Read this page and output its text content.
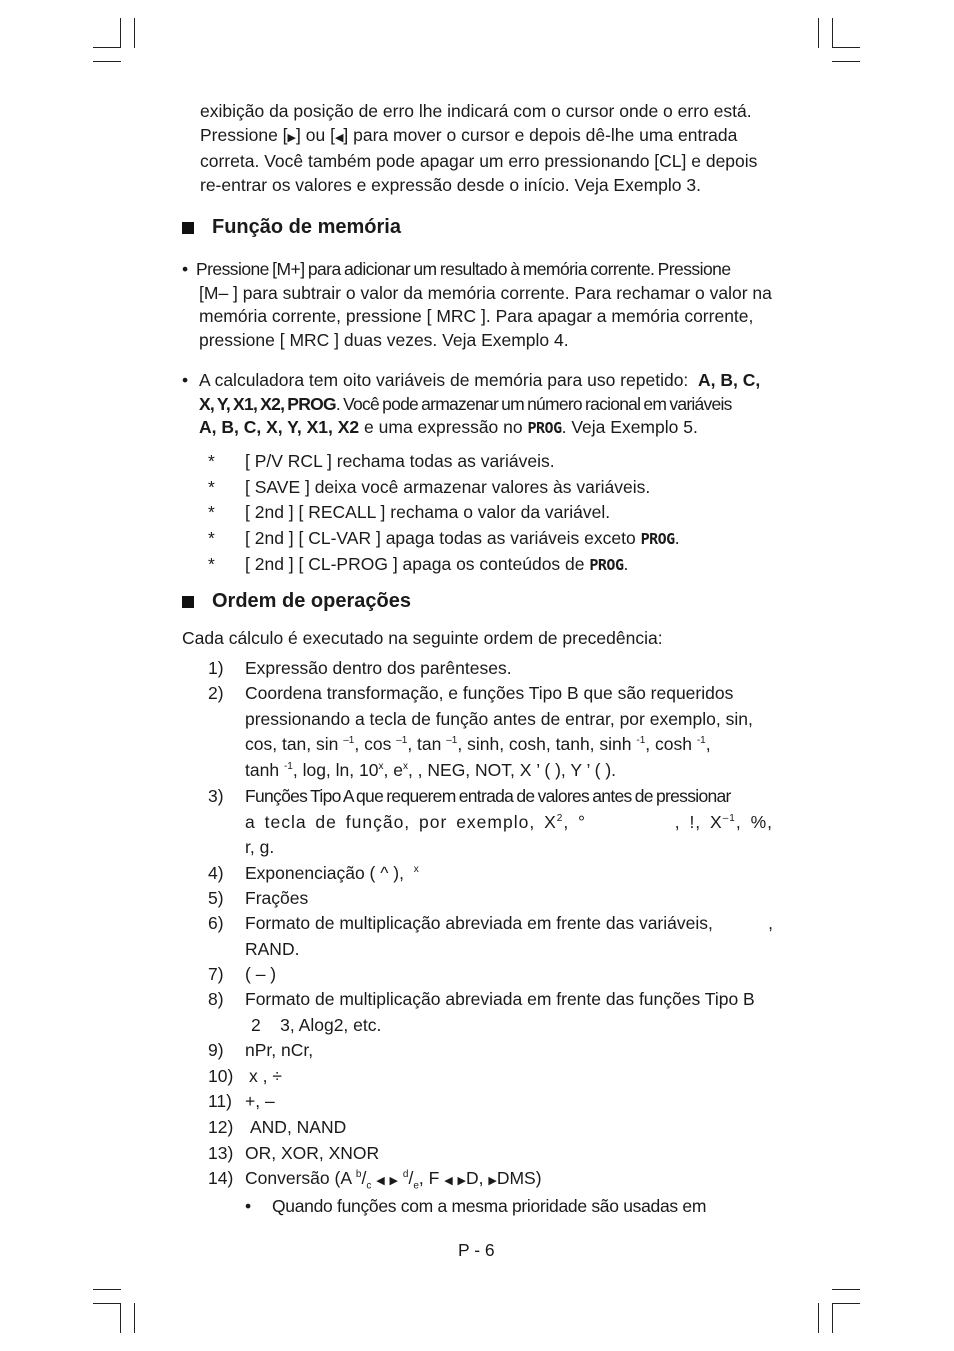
exibição da posição de erro lhe indicará com o cursor onde o erro está.
Pressione [▶] ou [◀] para mover o cursor e depois dê-lhe uma entrada
correta. Você também pode apagar um erro pressionando [CL] e depois
re-entrar os valores e expressão desde o início. Veja Exemplo 3.
Função de memória
• Pressione [M+] para adicionar um resultado à memória corrente. Pressione
[M– ] para subtrair o valor da memória corrente. Para rechamar o valor na
memória corrente, pressione [ MRC ]. Para apagar a memória corrente,
pressione [ MRC ] duas vezes. Veja Exemplo 4.
• A calculadora tem oito variáveis de memória para uso repetido: A, B, C,
X, Y, X1, X2, PROG. Você pode armazenar um número racional em variáveis
A, B, C, X, Y, X1, X2 e uma expressão no PROG. Veja Exemplo 5.
* [ P/V RCL ] rechama todas as variáveis.
* [ SAVE ] deixa você armazenar valores às variáveis.
* [ 2nd ] [ RECALL ] rechama o valor da variável.
* [ 2nd ] [ CL-VAR ] apaga todas as variáveis exceto PROG.
* [ 2nd ] [ CL-PROG ] apaga os conteúdos de PROG.
Ordem de operações
Cada cálculo é executado na seguinte ordem de precedência:
1) Expressão dentro dos parênteses.
2) Coordena transformação, e funções Tipo B que são requeridos
pressionando a tecla de função antes de entrar, por exemplo, sin,
cos, tan, sin $^{-1}$, cos $^{-1}$, tan $^{-1}$, sinh, cosh, tanh, sinh $^{-1}$, cosh $^{-1}$,
tanh $^{-1}$, log, ln, 10$^x$, $e^x$, , NEG, NOT, X ’ ( ), Y ’ ( ).
3) Funções Tipo A que requerem entrada de valores antes de pressionar
a tecla de função, por exemplo, $X^2$, °	, !, $X^{-1}$, %,
r, g.
4) Exponenciação ( ^ ), $^x$
5) Frações
6) Formato de multiplicação abreviada em frente das variáveis,	,
RAND.
7) ( – )
8) Formato de multiplicação abreviada em frente das funções Tipo B
2    3, Alog2, etc.
9) nPr, nCr,
10) x , ÷
11) +, –
12) AND, NAND
13) OR, XOR, XNOR
14) Conversão (A $^b/_c$ ◀ ▶ $^d/_e$, F ◀ ▶D, ▶DMS)
• Quando funções com a mesma prioridade são usadas em
P - 6
